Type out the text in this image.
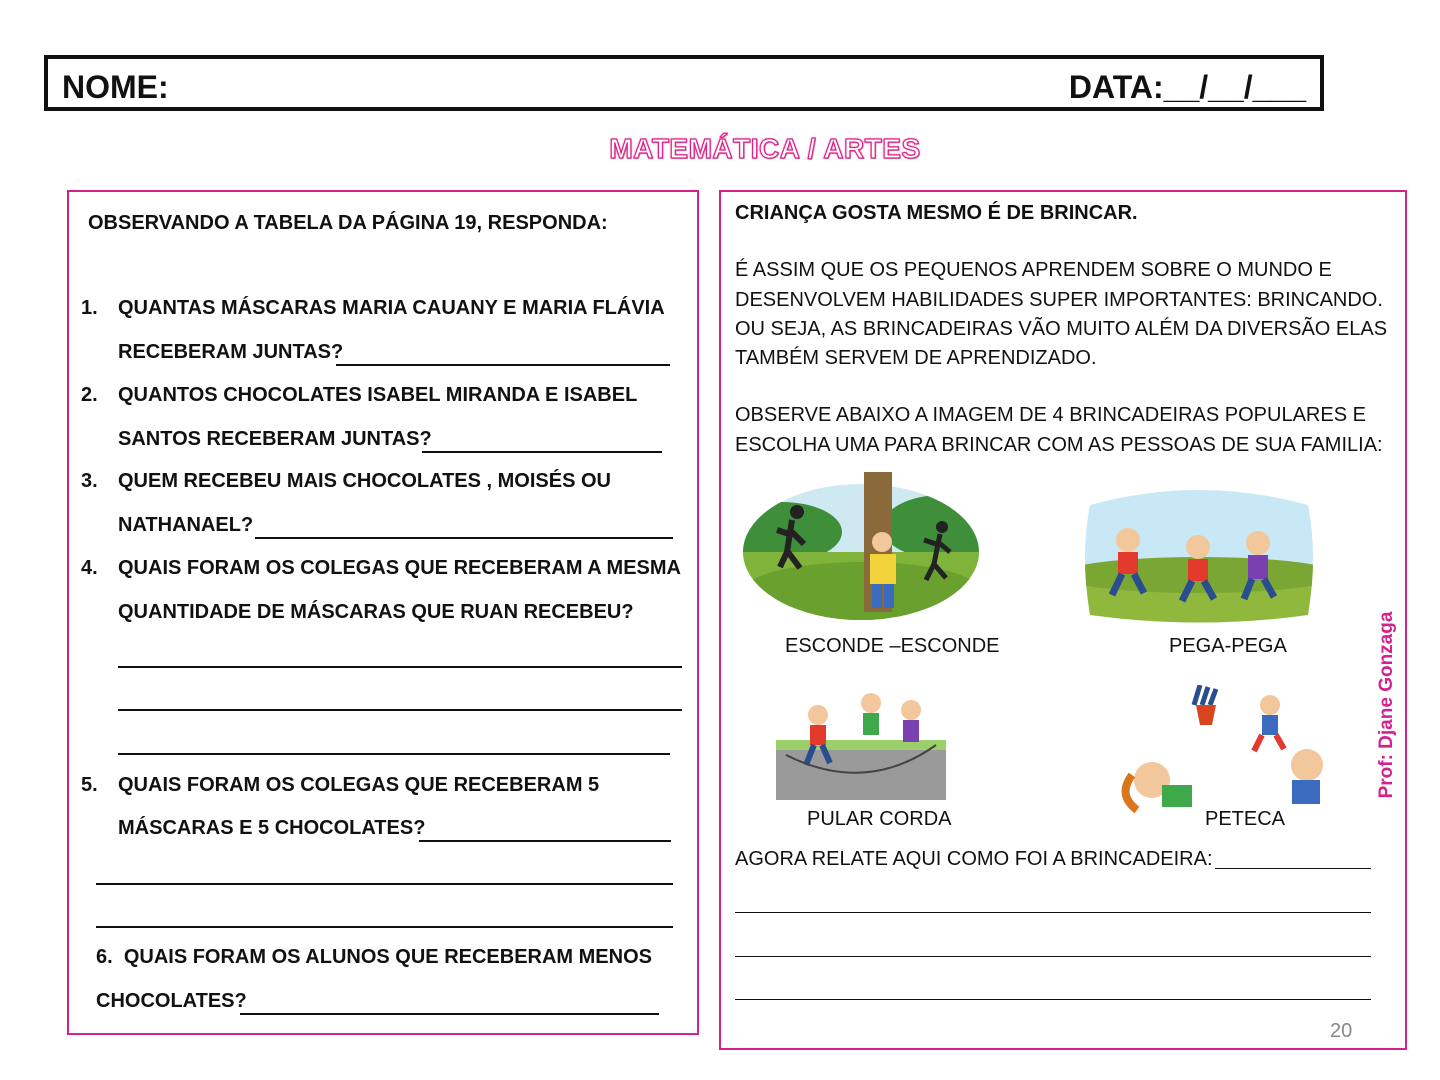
NOME:	DATA:__/__/___
MATEMÁTICA / ARTES
OBSERVANDO A TABELA DA PÁGINA 19, RESPONDA:
1. QUANTAS MÁSCARAS MARIA CAUANY E MARIA FLÁVIA
RECEBERAM JUNTAS?
2. QUANTOS CHOCOLATES ISABEL MIRANDA E ISABEL
SANTOS RECEBERAM JUNTAS?
3. QUEM RECEBEU MAIS CHOCOLATES , MOISÉS OU
NATHANAEL?
4. QUAIS FORAM OS COLEGAS QUE RECEBERAM A MESMA
QUANTIDADE DE MÁSCARAS QUE RUAN RECEBEU?
5. QUAIS FORAM OS COLEGAS QUE RECEBERAM 5
MÁSCARAS E 5 CHOCOLATES?
6. QUAIS FORAM OS ALUNOS QUE RECEBERAM MENOS
CHOCOLATES?
CRIANÇA GOSTA MESMO É DE BRINCAR.
É ASSIM QUE OS PEQUENOS APRENDEM SOBRE O MUNDO E
DESENVOLVEM HABILIDADES SUPER IMPORTANTES: BRINCANDO.
OU SEJA, AS BRINCADEIRAS VÃO MUITO ALÉM DA DIVERSÃO ELAS
TAMBÉM SERVEM DE APRENDIZADO.
OBSERVE ABAIXO A IMAGEM DE 4 BRINCADEIRAS POPULARES E
ESCOLHA UMA PARA BRINCAR COM AS PESSOAS DE SUA FAMILIA:
ESCONDE –ESCONDE	PEGA-PEGA
PULAR CORDA	PETECA
AGORA RELATE AQUI COMO FOI A BRINCADEIRA:
20
Prof: Djane Gonzaga
